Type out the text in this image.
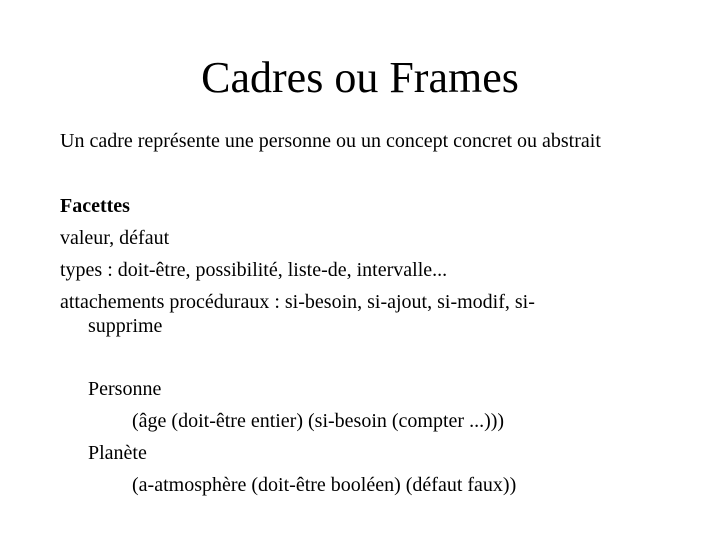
Cadres ou Frames
Un cadre représente une personne ou un concept concret ou abstrait
Facettes
valeur, défaut
types : doit-être, possibilité, liste-de, intervalle...
attachements procéduraux : si-besoin, si-ajout, si-modif, si-
supprime
Personne
(âge (doit-être entier) (si-besoin (compter ...)))
Planète
(a-atmosphère (doit-être booléen) (défaut faux))
